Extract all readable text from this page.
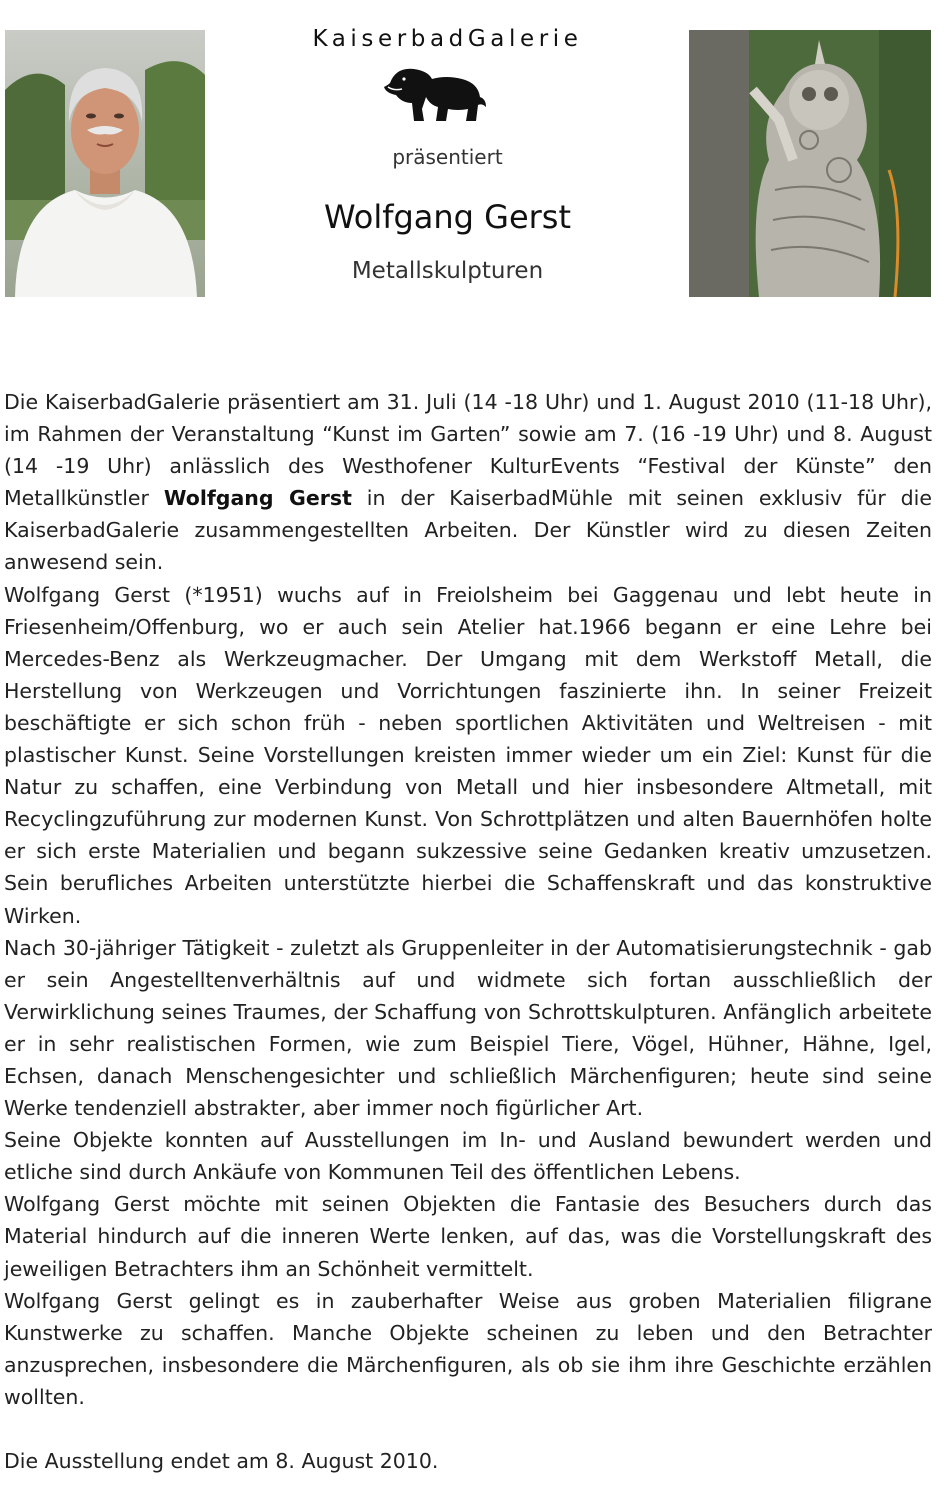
KaiserbadGalerie
präsentiert
Wolfgang Gerst
Metallskulpturen

Die KaiserbadGalerie präsentiert am 31. Juli (14 -18 Uhr) und 1. August 2010 (11-18 Uhr), im Rahmen der Veranstaltung “Kunst im Garten” sowie am 7. (16 -19 Uhr) und 8. August (14 -19 Uhr) anlässlich des Westhofener KulturEvents “Festival der Künste” den Metallkünstler Wolfgang Gerst in der KaiserbadMühle mit seinen exklusiv für die KaiserbadGalerie zusammengestellten Arbeiten. Der Künstler wird zu diesen Zeiten anwesend sein.

Wolfgang Gerst (*1951) wuchs auf in Freiolsheim bei Gaggenau und lebt heute in Friesenheim/Offenburg, wo er auch sein Atelier hat.1966 begann er eine Lehre bei Mercedes-Benz als Werkzeugmacher. Der Umgang mit dem Werkstoff Metall, die Herstellung von Werkzeugen und Vorrichtungen faszinierte ihn. In seiner Freizeit beschäftigte er sich schon früh - neben sportlichen Aktivitäten und Weltreisen - mit plastischer Kunst. Seine Vorstellungen kreisten immer wieder um ein Ziel: Kunst für die Natur zu schaffen, eine Verbindung von Metall und hier insbesondere Altmetall, mit Recyclingzuführung zur modernen Kunst. Von Schrottplätzen und alten Bauernhöfen holte er sich erste Materialien und begann sukzessive seine Gedanken kreativ umzusetzen. Sein berufliches Arbeiten unterstützte hierbei die Schaffenskraft und das konstruktive Wirken.

Nach 30-jähriger Tätigkeit - zuletzt als Gruppenleiter in der Automatisierungstechnik - gab er sein Angestelltenverhältnis auf und widmete sich fortan ausschließlich der Verwirklichung seines Traumes, der Schaffung von Schrottskulpturen. Anfänglich arbeitete er in sehr realistischen Formen, wie zum Beispiel Tiere, Vögel, Hühner, Hähne, Igel, Echsen, danach Menschengesichter und schließlich Märchenfiguren; heute sind seine Werke tendenziell abstrakter, aber immer noch figürlicher Art.

Seine Objekte konnten auf Ausstellungen im In- und Ausland bewundert werden und etliche sind durch Ankäufe von Kommunen Teil des öffentlichen Lebens.

Wolfgang Gerst möchte mit seinen Objekten die Fantasie des Besuchers durch das Material hindurch auf die inneren Werte lenken, auf das, was die Vorstellungskraft des jeweiligen Betrachters ihm an Schönheit vermittelt.

Wolfgang Gerst gelingt es in zauberhafter Weise aus groben Materialien filigrane Kunstwerke zu schaffen. Manche Objekte scheinen zu leben und den Betrachter anzusprechen, insbesondere die Märchenfiguren, als ob sie ihm ihre Geschichte erzählen wollten.

Die Ausstellung endet am 8. August 2010.
